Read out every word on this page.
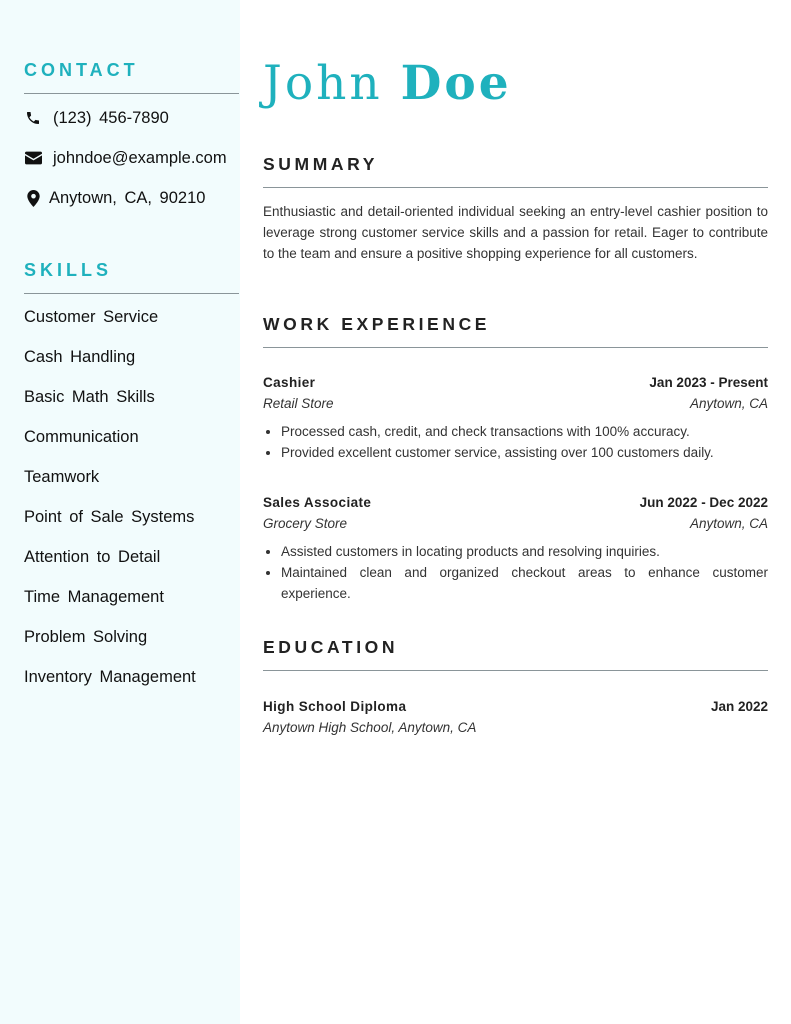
CONTACT
(123) 456-7890
johndoe@example.com
Anytown, CA, 90210
SKILLS
Customer Service
Cash Handling
Basic Math Skills
Communication
Teamwork
Point of Sale Systems
Attention to Detail
Time Management
Problem Solving
Inventory Management
John Doe
SUMMARY
Enthusiastic and detail-oriented individual seeking an entry-level cashier position to leverage strong customer service skills and a passion for retail. Eager to contribute to the team and ensure a positive shopping experience for all customers.
WORK EXPERIENCE
Cashier	Jan 2023 - Present
Retail Store	Anytown, CA
• Processed cash, credit, and check transactions with 100% accuracy.
• Provided excellent customer service, assisting over 100 customers daily.
Sales Associate	Jun 2022 - Dec 2022
Grocery Store	Anytown, CA
• Assisted customers in locating products and resolving inquiries.
• Maintained clean and organized checkout areas to enhance customer experience.
EDUCATION
High School Diploma	Jan 2022
Anytown High School, Anytown, CA
